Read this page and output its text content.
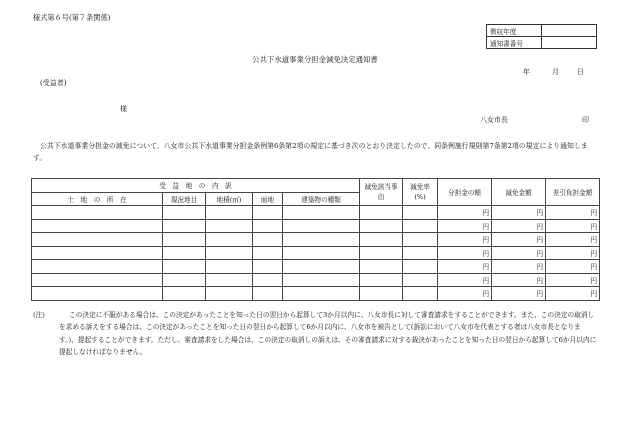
様式第６号(第７条関係)
徴収年度	
通知書番号	
公共下水道事業分担金減免決定通知書
年	月	日
(受益者)
様
八女市長	印
公共下水道事業分担金の減免について、八女市公共下水道事業分担金条例第6条第2項の規定に基づき次のとおり決定したので、同条例施行規則第7条第2項の規定により通知します。
受　益　地　の　内　訳					減免該当事由	減免率(%)	分担金の額	減免金額	差引負担金額
土　地　の　所　在	現況地目	地積(㎡)	面地	建築物の種類					
							円	円	円
							円	円	円
							円	円	円
							円	円	円
							円	円	円
							円	円	円
							円	円	円
(注)	この決定に不服がある場合は、この決定があったことを知った日の翌日から起算して3か月以内に、八女市長に対して審査請求をすることができます。また、この決定の取消しを求める訴えをする場合は、この決定があったことを知った日の翌日から起算して6か月以内に、八女市を被告として(訴訟において八女市を代表とする者は八女市長となります。)、提起することができます。ただし、審査請求をした場合は、この決定の取消しの訴えは、その審査請求に対する裁決があったことを知った日の翌日から起算して6か月以内に提起しなければなりません。
